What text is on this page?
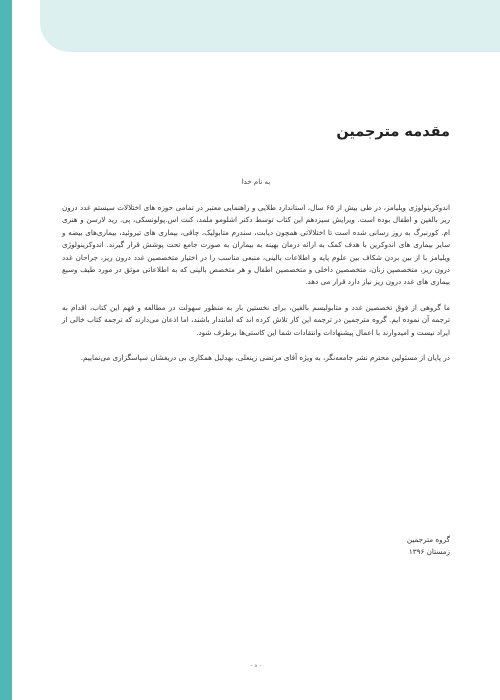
مقدمه مترجمین
به نام خدا

اندوکرینولوژی ویلیامز، در طی بیش از ۶۵ سال، استاندارد طلایی و راهنمایی معتبر در تمامی حوزه های اختلالات سیستم غدد درون ریز بالغین و اطفال بوده است. ویرایش سیزدهم این کتاب توسط دکتر اشلومو ملمد، کنت اس.پولونسکی، پی. رید لارسن و هنری ام. کورنبرگ به روز رسانی شده است تا اختلالاتی همچون دیابت، سندرم متابولیک، چاقی، بیماری های تیروئید، بیماری‌های بیضه و سایر بیماری های اندوکرین با هدف کمک به ارائه درمان بهینه به بیماران به صورت جامع تحت پوشش قرار گیرند. اندوکرینولوژی ویلیامز با از بین بردن شکاف بین علوم پایه و اطلاعات بالینی، منبعی مناسب را در اختیار متخصصین غدد درون ریز، جراحان غدد درون ریز، متخصصین زنان، متخصصین داخلی و متخصصین اطفال و هر متخصص بالینی که به اطلاعاتی موثق در مورد طیف وسیع بیماری های غدد درون ریز نیاز دارد قرار می دهد.

ما گروهی از فوق تخصصین غدد و متابولیسم بالغین، برای نخستین بار به منظور سهولت در مطالعه و فهم این کتاب، اقدام به ترجمه آن نموده ایم. گروه مترجمین در ترجمه این کار تلاش کرده اند که امانتدار باشند، اما اذعان می‌دارند که ترجمه کتاب خالی از ایراد نیست و امیدوارند با اعمال پیشنهادات وانتقادات شما این کاستی‌ها برطرف شود.

در پایان از مسئولین محترم نشر جامعه‌نگر، به ویژه آقای مرتضی زینعلی، بهدلیل همکاری بی دریغشان سپاسگزاری می‌نماییم.

گروه مترجمین
زمستان ۱۳۹۶
- ه -
